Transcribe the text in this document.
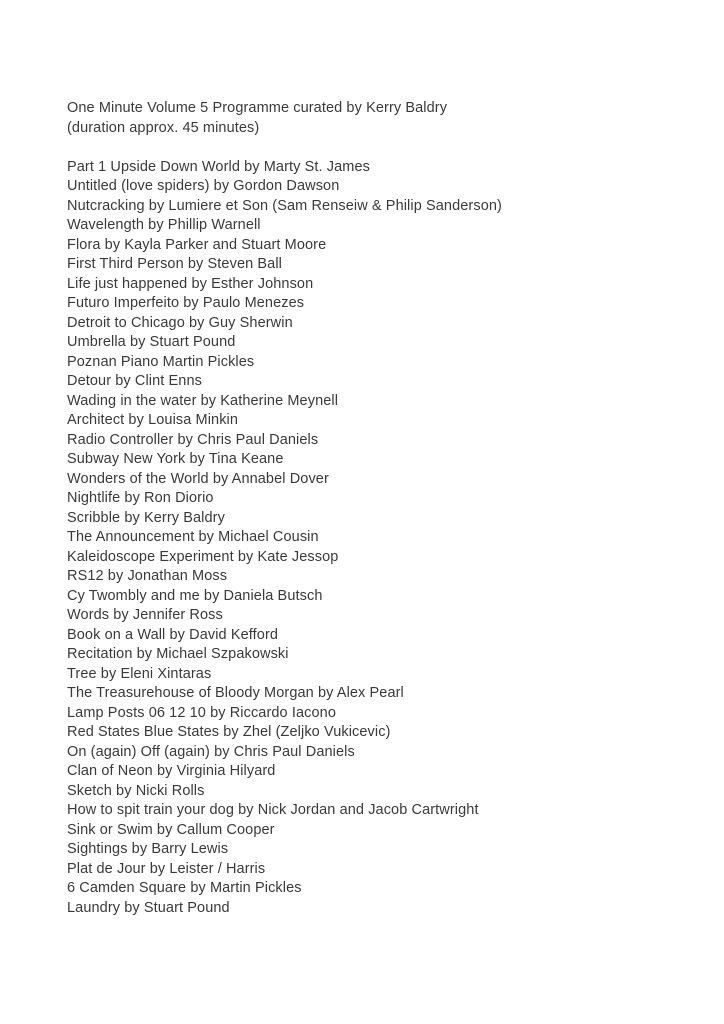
One Minute Volume 5 Programme curated by Kerry Baldry

(duration approx. 45 minutes)

Part 1 Upside Down World by Marty St. James

Untitled (love spiders) by Gordon Dawson

Nutcracking by Lumiere et Son (Sam Renseiw & Philip Sanderson)

Wavelength by Phillip Warnell

Flora by Kayla Parker and Stuart Moore

First Third Person by Steven Ball

Life just happened by Esther Johnson

Futuro Imperfeito by Paulo Menezes

Detroit to Chicago by Guy Sherwin

Umbrella by Stuart Pound

Poznan Piano Martin Pickles

Detour by Clint Enns

Wading in the water by Katherine Meynell

Architect by Louisa Minkin

Radio Controller by Chris Paul Daniels

Subway New York by Tina Keane

Wonders of the World by Annabel Dover

Nightlife by Ron Diorio

Scribble by Kerry Baldry

The Announcement by Michael Cousin

Kaleidoscope Experiment by Kate Jessop

RS12 by Jonathan Moss

Cy Twombly and me by Daniela Butsch

Words by Jennifer Ross

Book on a Wall by David Kefford

Recitation by Michael Szpakowski

Tree by Eleni Xintaras

The Treasurehouse of Bloody Morgan by Alex Pearl

Lamp Posts 06 12 10 by Riccardo Iacono

Red States Blue States by Zhel (Zeljko Vukicevic)

On (again) Off (again) by Chris Paul Daniels

Clan of Neon by Virginia Hilyard

Sketch by Nicki Rolls

How to spit train your dog by Nick Jordan and Jacob Cartwright

Sink or Swim by Callum Cooper

Sightings by Barry Lewis

Plat de Jour by Leister / Harris

6 Camden Square by Martin Pickles

Laundry by Stuart Pound
